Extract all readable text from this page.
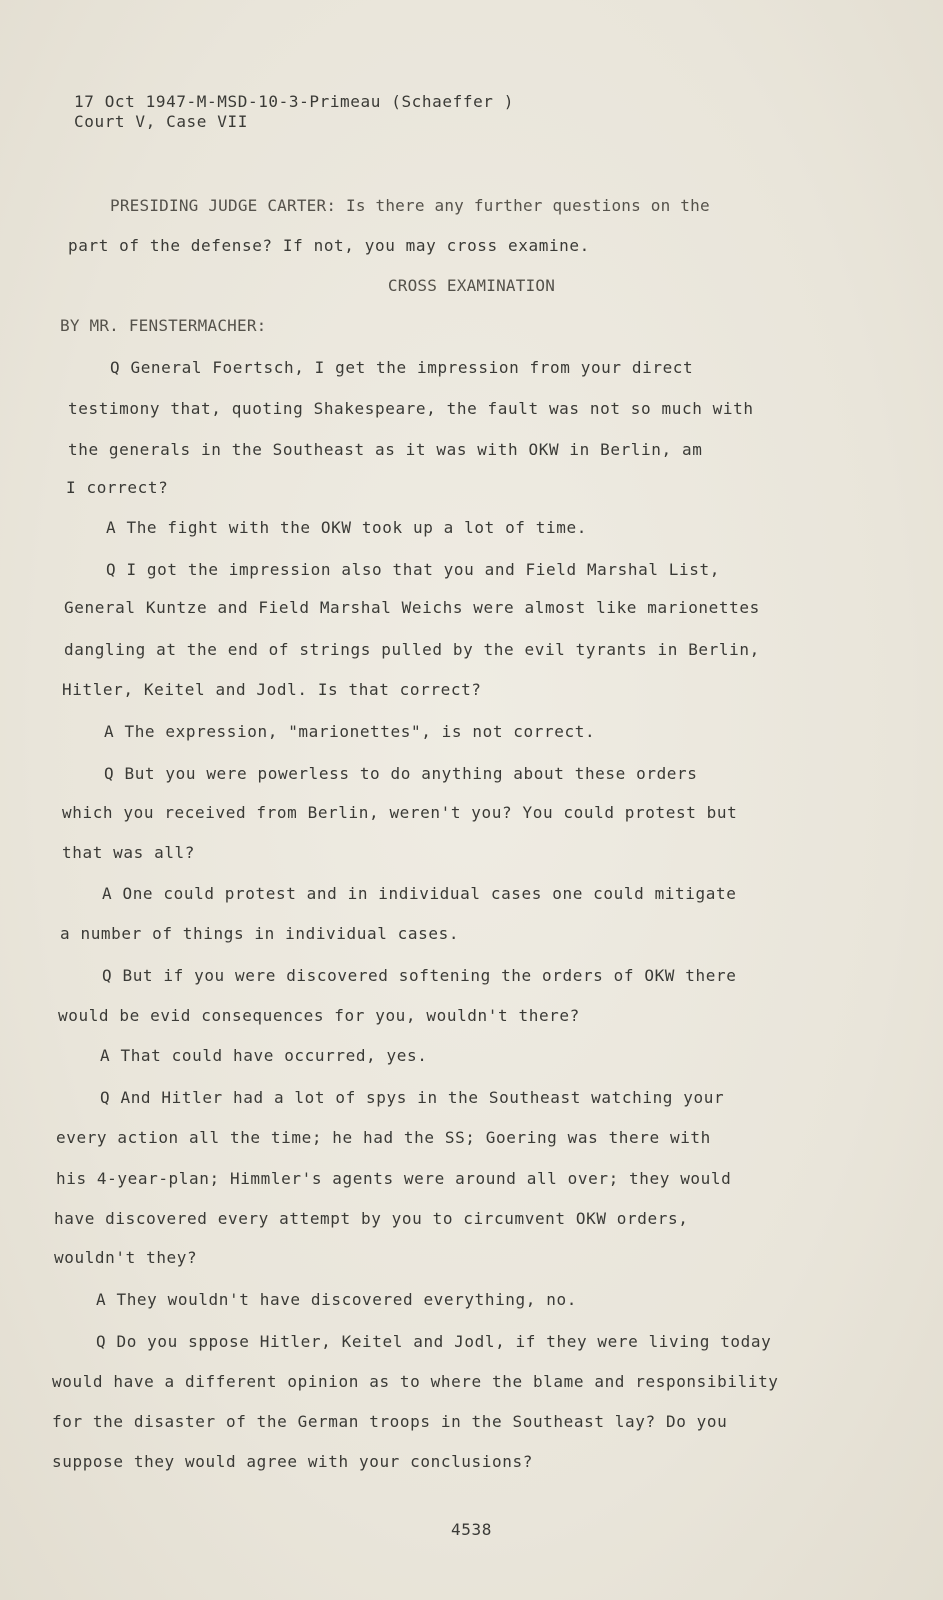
17 Oct 1947-M-MSD-10-3-Primeau (Schaeffer )
Court V, Case VII
PRESIDING JUDGE CARTER: Is there any further questions on the
part of the defense? If not, you may cross examine.
CROSS EXAMINATION
BY MR. FENSTERMACHER:
Q General Foertsch, I get the impression from your direct
testimony that, quoting Shakespeare, the fault was not so much with
the generals in the Southeast as it was with OKW in Berlin, am
I correct?
A The fight with the OKW took up a lot of time.
Q I got the impression also that you and Field Marshal List,
General Kuntze and Field Marshal Weichs were almost like marionettes
dangling at the end of strings pulled by the evil tyrants in Berlin,
Hitler, Keitel and Jodl. Is that correct?
A The expression, "marionettes", is not correct.
Q But you were powerless to do anything about these orders
which you received from Berlin, weren't you? You could protest but
that was all?
A One could protest and in individual cases one could mitigate
a number of things in individual cases.
Q But if you were discovered softening the orders of OKW there
would be evid consequences for you, wouldn't there?
A That could have occurred, yes.
Q And Hitler had a lot of spys in the Southeast watching your
every action all the time; he had the SS; Goering was there with
his 4-year-plan; Himmler's agents were around all over; they would
have discovered every attempt by you to circumvent OKW orders,
wouldn't they?
A They wouldn't have discovered everything, no.
Q Do you sppose Hitler, Keitel and Jodl, if they were living today
would have a different opinion as to where the blame and responsibility
for the disaster of the German troops in the Southeast lay? Do you
suppose they would agree with your conclusions?
4538
